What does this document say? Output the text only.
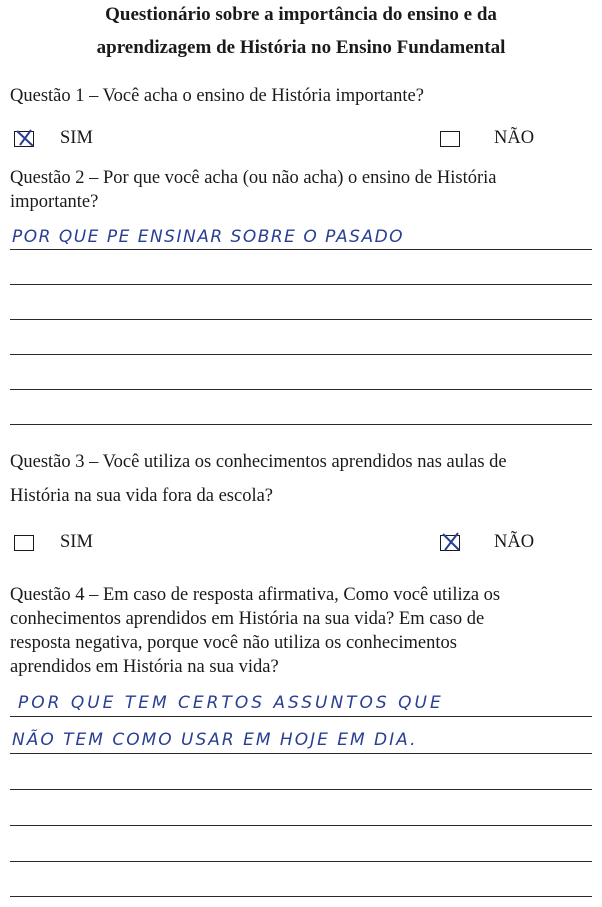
Questionário sobre a importância do ensino e da
aprendizagem de História no Ensino Fundamental
Questão 1 – Você acha o ensino de História importante?
SIM	NÃO
Questão 2 – Por que você acha (ou não acha) o ensino de História
importante?
POR QUE PE ENSINAR SOBRE O PASADO
Questão 3 – Você utiliza os conhecimentos aprendidos nas aulas de
História na sua vida fora da escola?
SIM	NÃO
Questão 4 – Em caso de resposta afirmativa, Como você utiliza os
conhecimentos aprendidos em História na sua vida? Em caso de
resposta negativa, porque você não utiliza os conhecimentos
aprendidos em História na sua vida?
POR QUE TEM CERTOS ASSUNTOS QUE
NÃO TEM COMO USAR EM HOJE EM DIA.
